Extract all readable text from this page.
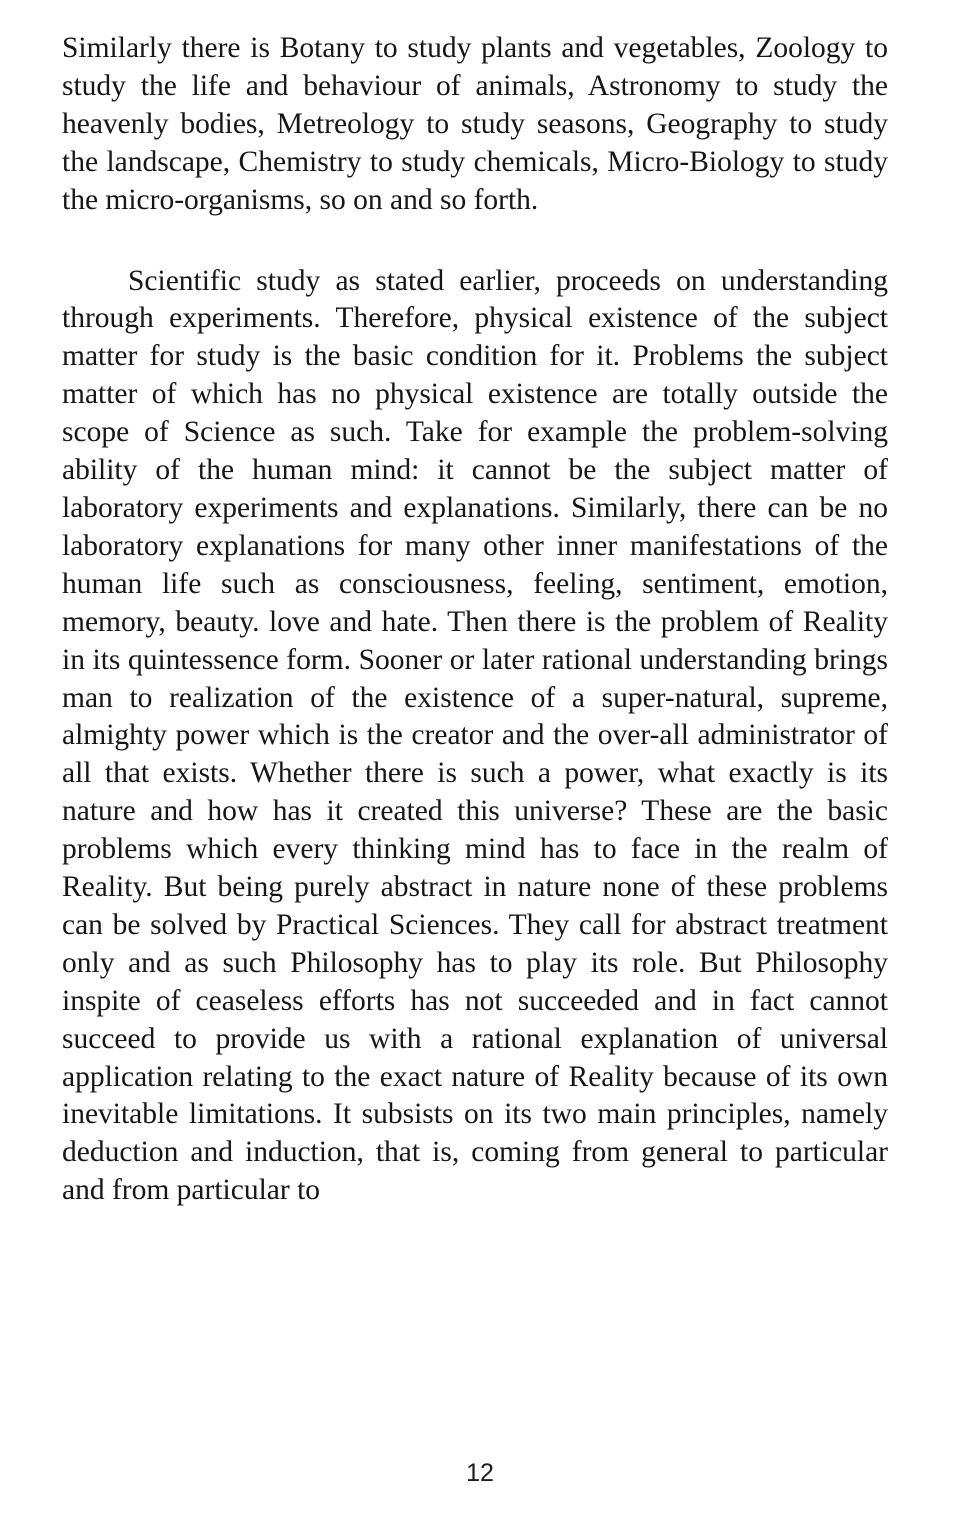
Similarly there is Botany to study plants and vegetables, Zoology to study the life and behaviour of animals, Astronomy to study the heavenly bodies, Metreology to study seasons, Geography to study the landscape, Chemistry to study chemicals, Micro-Biology to study the micro-organisms, so on and so forth.

Scientific study as stated earlier, proceeds on understanding through experiments. Therefore, physical existence of the subject matter for study is the basic condition for it. Problems the subject matter of which has no physical existence are totally outside the scope of Science as such. Take for example the problem-solving ability of the human mind: it cannot be the subject matter of laboratory experiments and explanations. Similarly, there can be no laboratory explanations for many other inner manifestations of the human life such as consciousness, feeling, sentiment, emotion, memory, beauty. love and hate. Then there is the problem of Reality in its quintessence form. Sooner or later rational understanding brings man to realization of the existence of a super-natural, supreme, almighty power which is the creator and the over-all administrator of all that exists. Whether there is such a power, what exactly is its nature and how has it created this universe? These are the basic problems which every thinking mind has to face in the realm of Reality. But being purely abstract in nature none of these problems can be solved by Practical Sciences. They call for abstract treatment only and as such Philosophy has to play its role. But Philosophy inspite of ceaseless efforts has not succeeded and in fact cannot succeed to provide us with a rational explanation of universal application relating to the exact nature of Reality because of its own inevitable limitations. It subsists on its two main principles, namely deduction and induction, that is, coming from general to particular and from particular to

12
